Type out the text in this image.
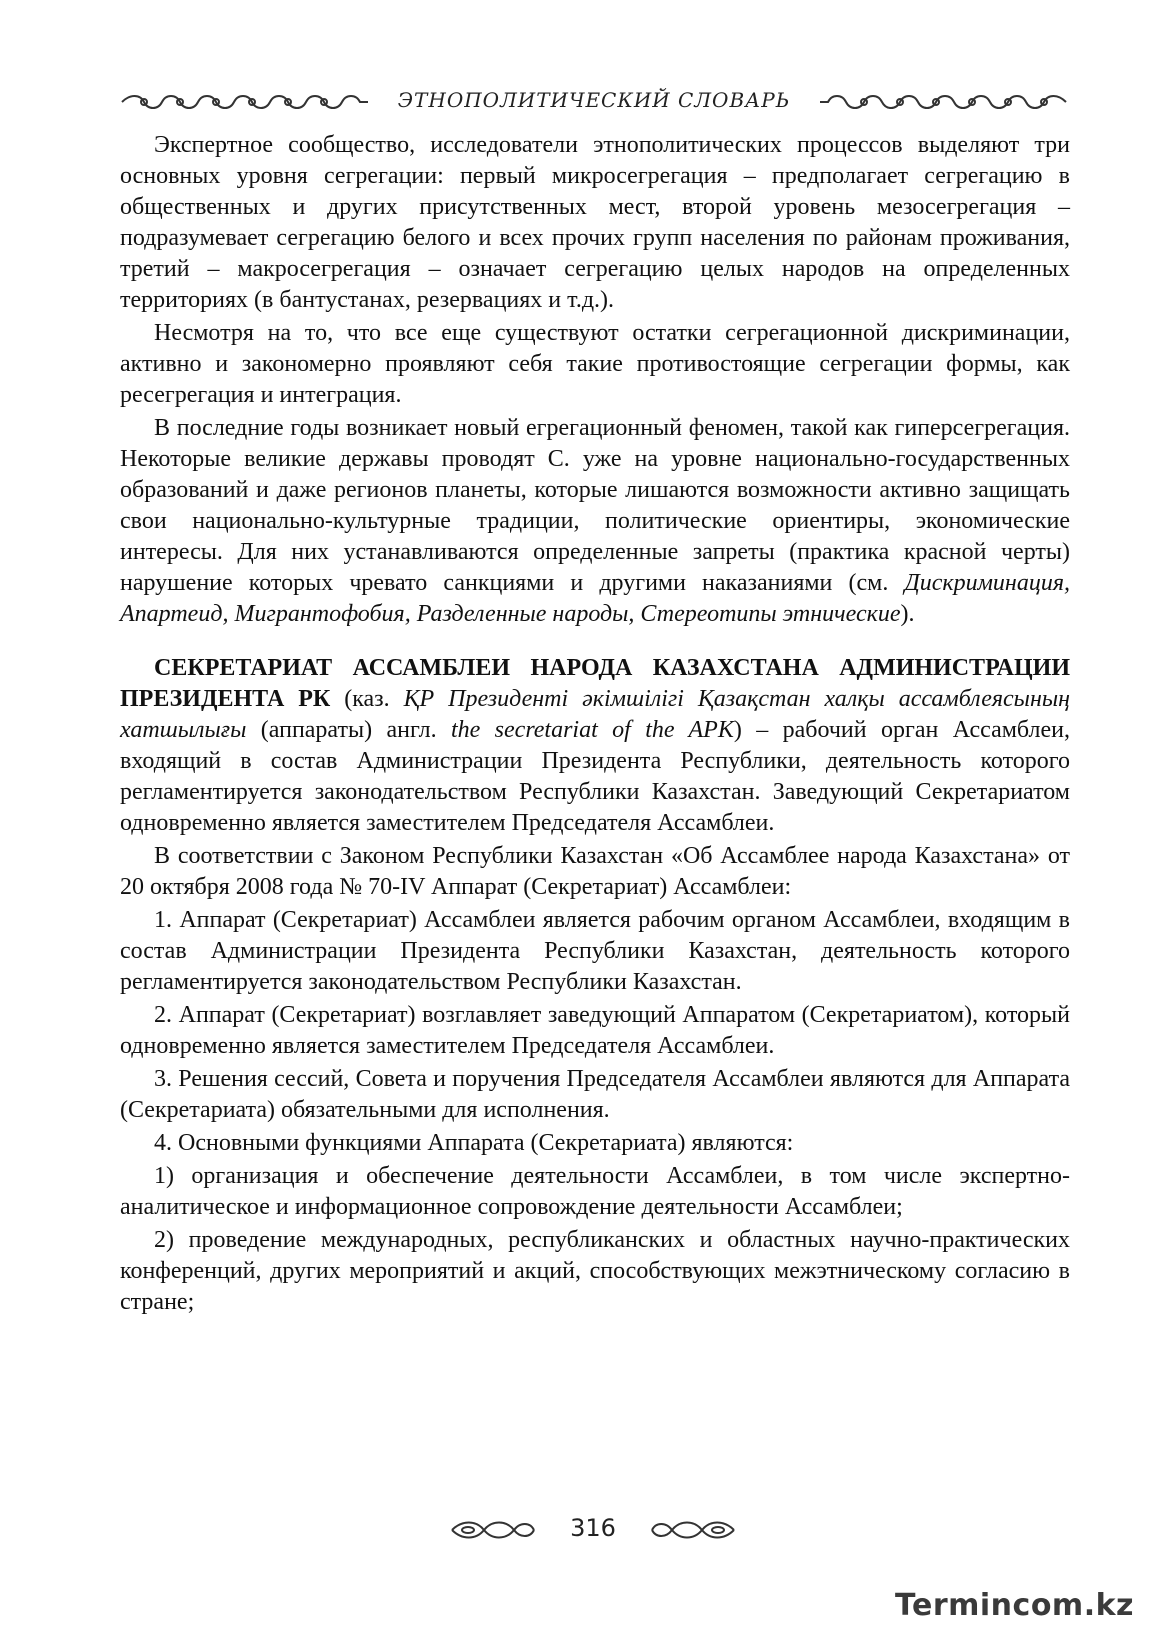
ЭТНОПОЛИТИЧЕСКИЙ СЛОВАРЬ

Экспертное сообщество, исследователи этнополитических процессов выделяют три основных уровня сегрегации: первый микросегрегация – предполагает сегрегацию в общественных и других присутственных мест, второй уровень мезосегрегация – подразумевает сегрегацию белого и всех прочих групп населения по районам проживания, третий – макросегрегация – означает сегрегацию целых народов на определенных территориях (в бантустанах, резервациях и т.д.).

Несмотря на то, что все еще существуют остатки сегрегационной дискриминации, активно и закономерно проявляют себя такие противостоящие сегрегации формы, как ресегрегация и интеграция.

В последние годы возникает новый егрегационный феномен, такой как гиперсегрегация. Некоторые великие державы проводят С. уже на уровне национально-государственных образований и даже регионов планеты, которые лишаются возможности активно защищать свои национально-культурные традиции, политические ориентиры, экономические интересы. Для них устанавливаются определенные запреты (практика красной черты) нарушение которых чревато санкциями и другими наказаниями (см. Дискриминация, Апартеид, Мигрантофобия, Разделенные народы, Стереотипы этнические).

СЕКРЕТАРИАТ АССАМБЛЕИ НАРОДА КАЗАХСТАНА АДМИНИСТРАЦИИ ПРЕЗИДЕНТА РК (каз. ҚР Президенті әкімшілігі Қазақстан халқы ассамблеясының хатшылығы (аппараты) англ. the secretariat of the APK) – рабочий орган Ассамблеи, входящий в состав Администрации Президента Республики, деятельность которого регламентируется законодательством Республики Казахстан. Заведующий Секретариатом одновременно является заместителем Председателя Ассамблеи.

В соответствии с Законом Республики Казахстан «Об Ассамблее народа Казахстана» от 20 октября 2008 года № 70-IV Аппарат (Секретариат) Ассамблеи:

1. Аппарат (Секретариат) Ассамблеи является рабочим органом Ассамблеи, входящим в состав Администрации Президента Республики Казахстан, деятельность которого регламентируется законодательством Республики Казахстан.

2. Аппарат (Секретариат) возглавляет заведующий Аппаратом (Секретариатом), который одновременно является заместителем Председателя Ассамблеи.

3. Решения сессий, Совета и поручения Председателя Ассамблеи являются для Аппарата (Секретариата) обязательными для исполнения.

4. Основными функциями Аппарата (Секретариата) являются:

1) организация и обеспечение деятельности Ассамблеи, в том числе экспертно-аналитическое и информационное сопровождение деятельности Ассамблеи;

2) проведение международных, республиканских и областных научно-практических конференций, других мероприятий и акций, способствующих межэтническому согласию в стране;

316
Termincom.kz
